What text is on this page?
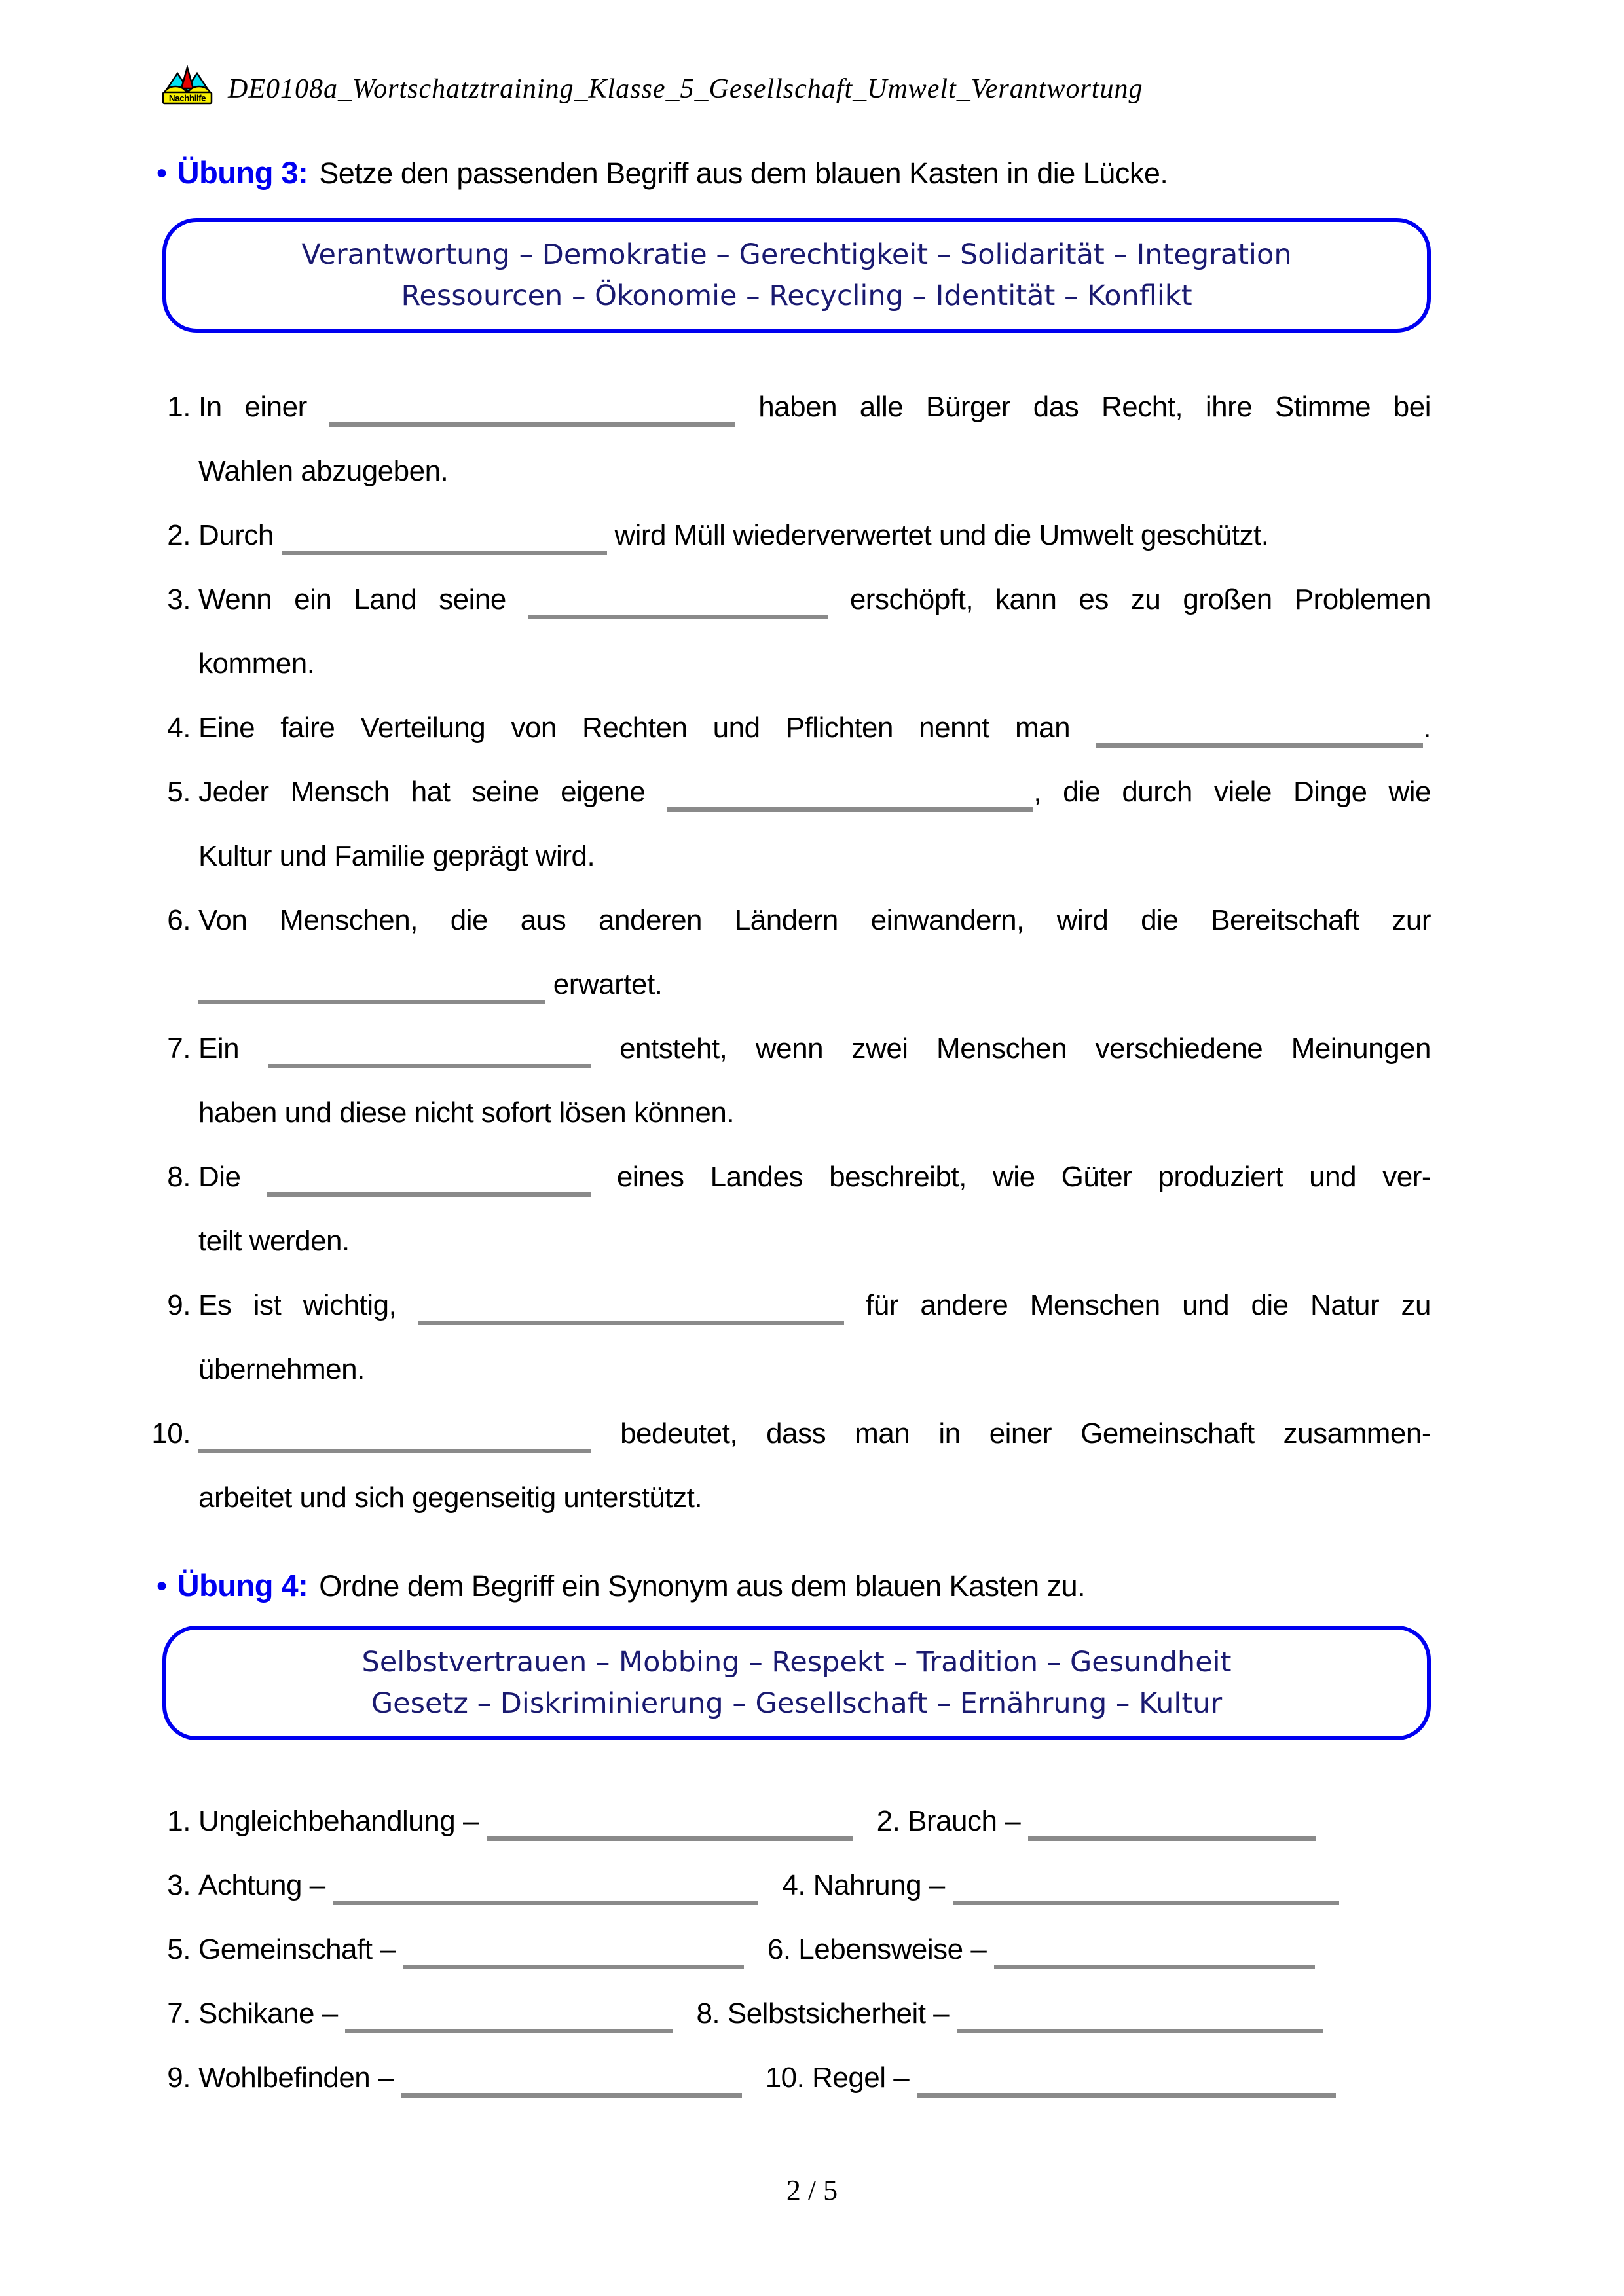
Nachhilfe DE0108a_Wortschatztraining_Klasse_5_Gesellschaft_Umwelt_Verantwortung
● Übung 3: Setze den passenden Begriff aus dem blauen Kasten in die Lücke.
Verantwortung – Demokratie – Gerechtigkeit – Solidarität – Integration
Ressourcen – Ökonomie – Recycling – Identität – Konflikt
1. In einer	haben alle Bürger das Recht, ihre Stimme bei
Wahlen abzugeben.
2. Durch	wird Müll wiederverwertet und die Umwelt geschützt.
3. Wenn ein Land seine	erschöpft, kann es zu großen Problemen
kommen.
4. Eine faire Verteilung von Rechten und Pflichten nennt man	.
5. Jeder Mensch hat seine eigene	, die durch viele Dinge wie
Kultur und Familie geprägt wird.
6. Von Menschen, die aus anderen Ländern einwandern, wird die Bereitschaft zur
erwartet.
7. Ein	entsteht, wenn zwei Menschen verschiedene Meinungen
haben und diese nicht sofort lösen können.
8. Die	eines Landes beschreibt, wie Güter produziert und ver-
teilt werden.
9. Es ist wichtig,	für andere Menschen und die Natur zu
übernehmen.
10.	bedeutet, dass man in einer Gemeinschaft zusammen-
arbeitet und sich gegenseitig unterstützt.
● Übung 4: Ordne dem Begriff ein Synonym aus dem blauen Kasten zu.
Selbstvertrauen – Mobbing – Respekt – Tradition – Gesundheit
Gesetz – Diskriminierung – Gesellschaft – Ernährung – Kultur
1. Ungleichbehandlung –	2. Brauch –
3. Achtung –	4. Nahrung –
5. Gemeinschaft –	6. Lebensweise –
7. Schikane –	8. Selbstsicherheit –
9. Wohlbefinden –	10. Regel –
2 / 5
